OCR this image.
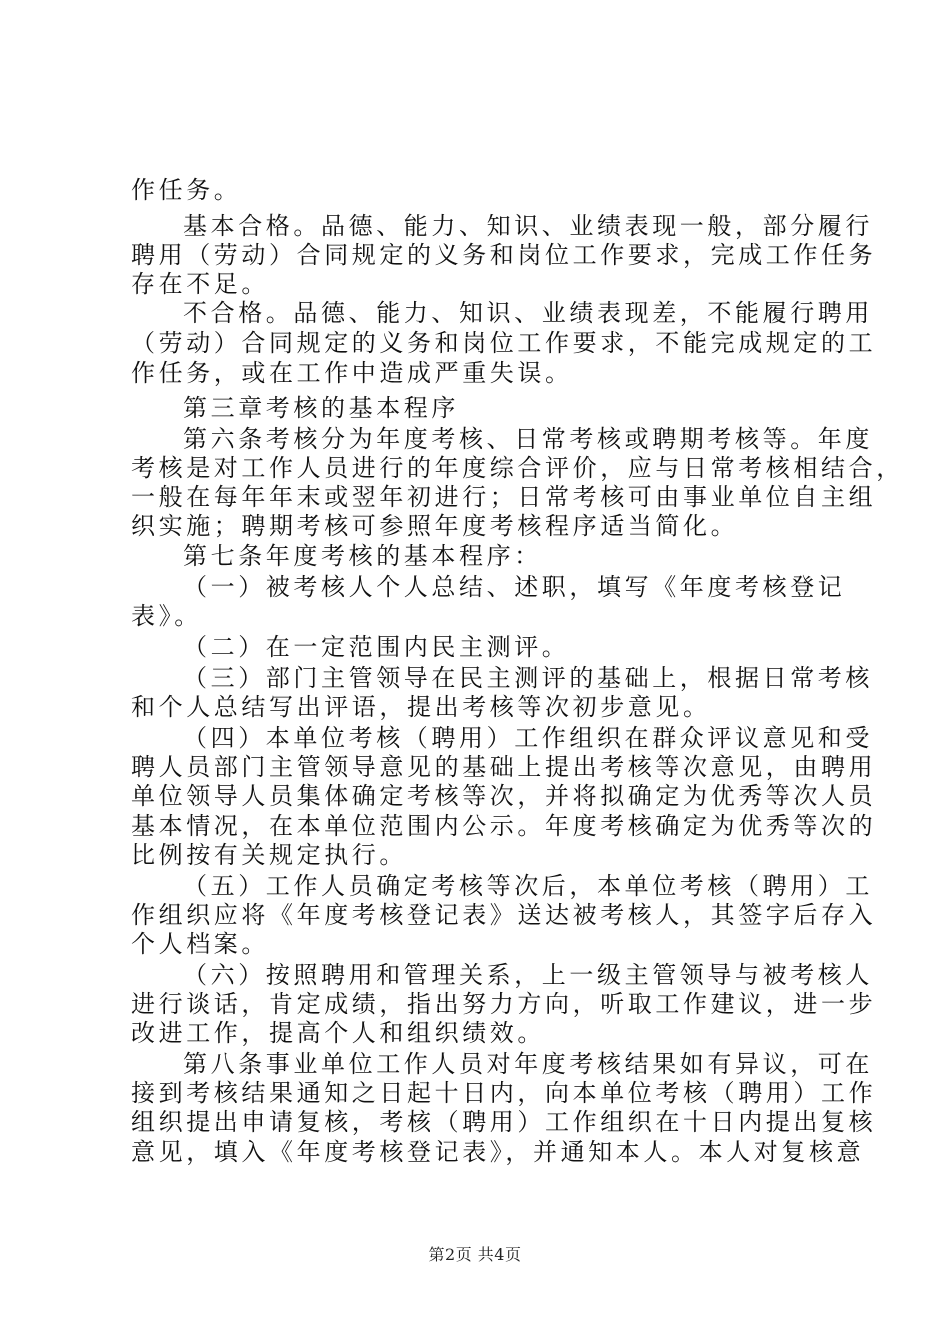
作任务。
基本合格。品德、能力、知识、业绩表现一般，部分履行
聘用（劳动）合同规定的义务和岗位工作要求，完成工作任务
存在不足。
不合格。品德、能力、知识、业绩表现差，不能履行聘用
（劳动）合同规定的义务和岗位工作要求，不能完成规定的工
作任务，或在工作中造成严重失误。
第三章考核的基本程序
第六条考核分为年度考核、日常考核或聘期考核等。年度
考核是对工作人员进行的年度综合评价，应与日常考核相结合，
一般在每年年末或翌年初进行；日常考核可由事业单位自主组
织实施；聘期考核可参照年度考核程序适当简化。
第七条年度考核的基本程序：
（一）被考核人个人总结、述职，填写《年度考核登记
表》。
（二）在一定范围内民主测评。
（三）部门主管领导在民主测评的基础上，根据日常考核
和个人总结写出评语，提出考核等次初步意见。
（四）本单位考核（聘用）工作组织在群众评议意见和受
聘人员部门主管领导意见的基础上提出考核等次意见，由聘用
单位领导人员集体确定考核等次，并将拟确定为优秀等次人员
基本情况，在本单位范围内公示。年度考核确定为优秀等次的
比例按有关规定执行。
（五）工作人员确定考核等次后，本单位考核（聘用）工
作组织应将《年度考核登记表》送达被考核人，其签字后存入
个人档案。
（六）按照聘用和管理关系，上一级主管领导与被考核人
进行谈话，肯定成绩，指出努力方向，听取工作建议，进一步
改进工作，提高个人和组织绩效。
第八条事业单位工作人员对年度考核结果如有异议，可在
接到考核结果通知之日起十日内，向本单位考核（聘用）工作
组织提出申请复核，考核（聘用）工作组织在十日内提出复核
意见，填入《年度考核登记表》，并通知本人。本人对复核意
第2页 共4页
